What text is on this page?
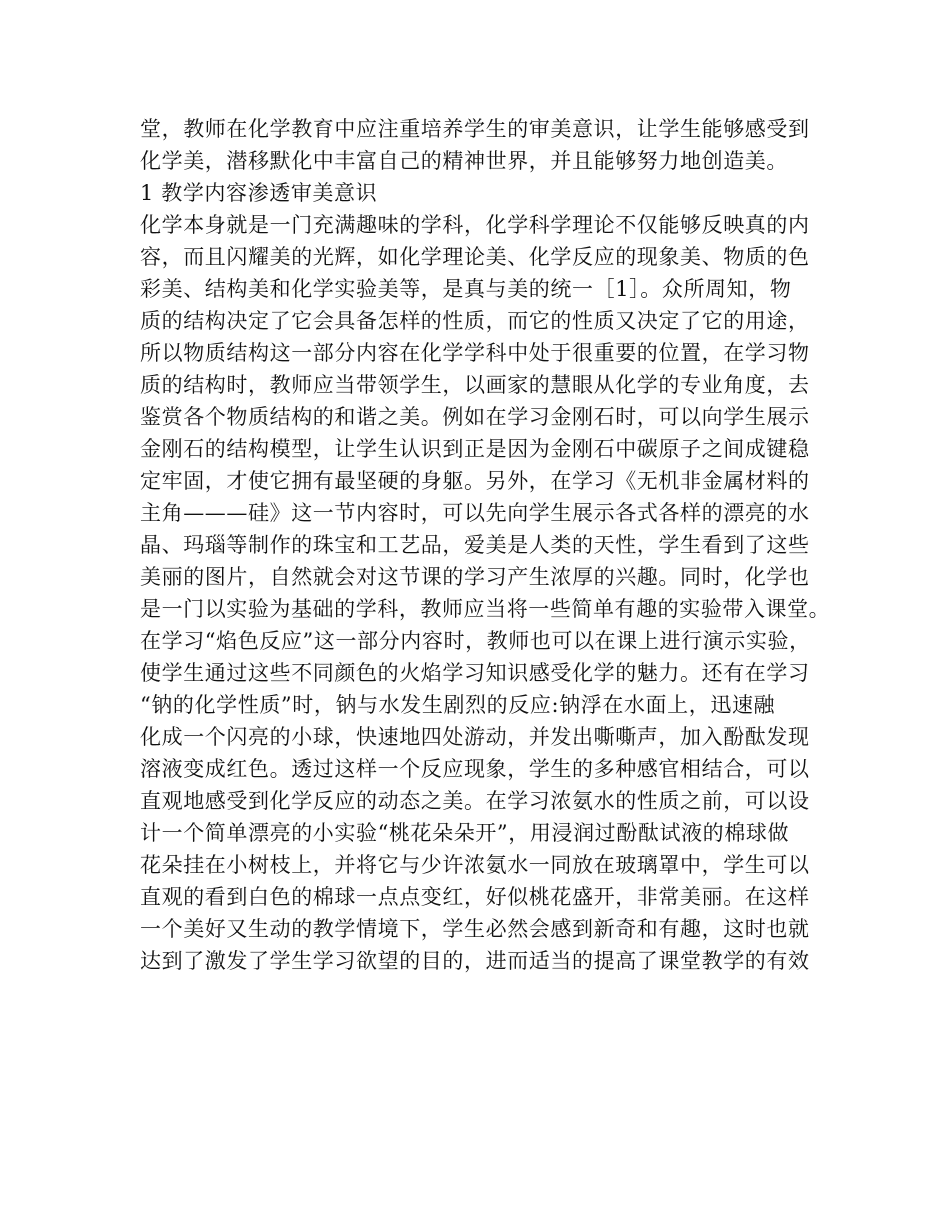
堂，教师在化学教育中应注重培养学生的审美意识，让学生能够感受到
化学美，潜移默化中丰富自己的精神世界，并且能够努力地创造美。
1 教学内容渗透审美意识
化学本身就是一门充满趣味的学科，化学科学理论不仅能够反映真的内
容，而且闪耀美的光辉，如化学理论美、化学反应的现象美、物质的色
彩美、结构美和化学实验美等，是真与美的统一［1］。众所周知，物
质的结构决定了它会具备怎样的性质，而它的性质又决定了它的用途，
所以物质结构这一部分内容在化学学科中处于很重要的位置，在学习物
质的结构时，教师应当带领学生，以画家的慧眼从化学的专业角度，去
鉴赏各个物质结构的和谐之美。例如在学习金刚石时，可以向学生展示
金刚石的结构模型，让学生认识到正是因为金刚石中碳原子之间成键稳
定牢固，才使它拥有最坚硬的身躯。另外，在学习《无机非金属材料的
主角———硅》这一节内容时，可以先向学生展示各式各样的漂亮的水
晶、玛瑙等制作的珠宝和工艺品，爱美是人类的天性，学生看到了这些
美丽的图片，自然就会对这节课的学习产生浓厚的兴趣。同时，化学也
是一门以实验为基础的学科，教师应当将一些简单有趣的实验带入课堂。
在学习“焰色反应”这一部分内容时，教师也可以在课上进行演示实验，
使学生通过这些不同颜色的火焰学习知识感受化学的魅力。还有在学习
“钠的化学性质”时，钠与水发生剧烈的反应:钠浮在水面上，迅速融
化成一个闪亮的小球，快速地四处游动，并发出嘶嘶声，加入酚酞发现
溶液变成红色。透过这样一个反应现象，学生的多种感官相结合，可以
直观地感受到化学反应的动态之美。在学习浓氨水的性质之前，可以设
计一个简单漂亮的小实验“桃花朵朵开”，用浸润过酚酞试液的棉球做
花朵挂在小树枝上，并将它与少许浓氨水一同放在玻璃罩中，学生可以
直观的看到白色的棉球一点点变红，好似桃花盛开，非常美丽。在这样
一个美好又生动的教学情境下，学生必然会感到新奇和有趣，这时也就
达到了激发了学生学习欲望的目的，进而适当的提高了课堂教学的有效
